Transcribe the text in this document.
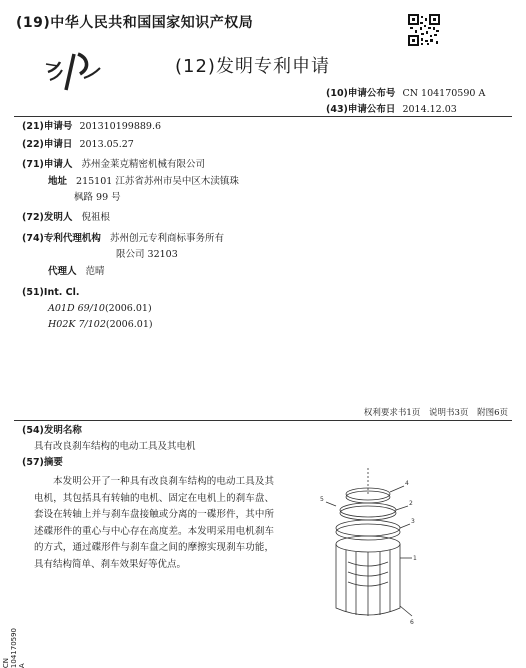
(19)中华人民共和国国家知识产权局
(12)发明专利申请
(10)申请公布号 CN 104170590 A
(43)申请公布日 2014.12.03
(21)申请号 201310199889.6
(22)申请日 2013.05.27
(71)申请人 苏州金莱克精密机械有限公司
地址 215101 江苏省苏州市吴中区木渎镇珠
枫路 99 号
(72)发明人 倪祖根
(74)专利代理机构 苏州创元专利商标事务所有
限公司 32103
代理人 范晴
(51)Int. Cl.
A01D 69/10(2006.01)
H02K 7/102(2006.01)
权利要求书1页 说明书3页 附图6页
(54)发明名称
具有改良刹车结构的电动工具及其电机
(57)摘要
本发明公开了一种具有改良刹车结构的电动工具及其电机，其包括具有转轴的电机、固定在电机上的刹车盘、套设在转轴上并与刹车盘接触或分离的一碟形件，其中所述碟形件的重心与中心存在高度差。本发明采用电机刹车的方式，通过碟形件与刹车盘之间的摩擦实现刹车功能，具有结构简单、刹车效果好等优点。
4
2
3
5
1
6
CN 104170590 A
